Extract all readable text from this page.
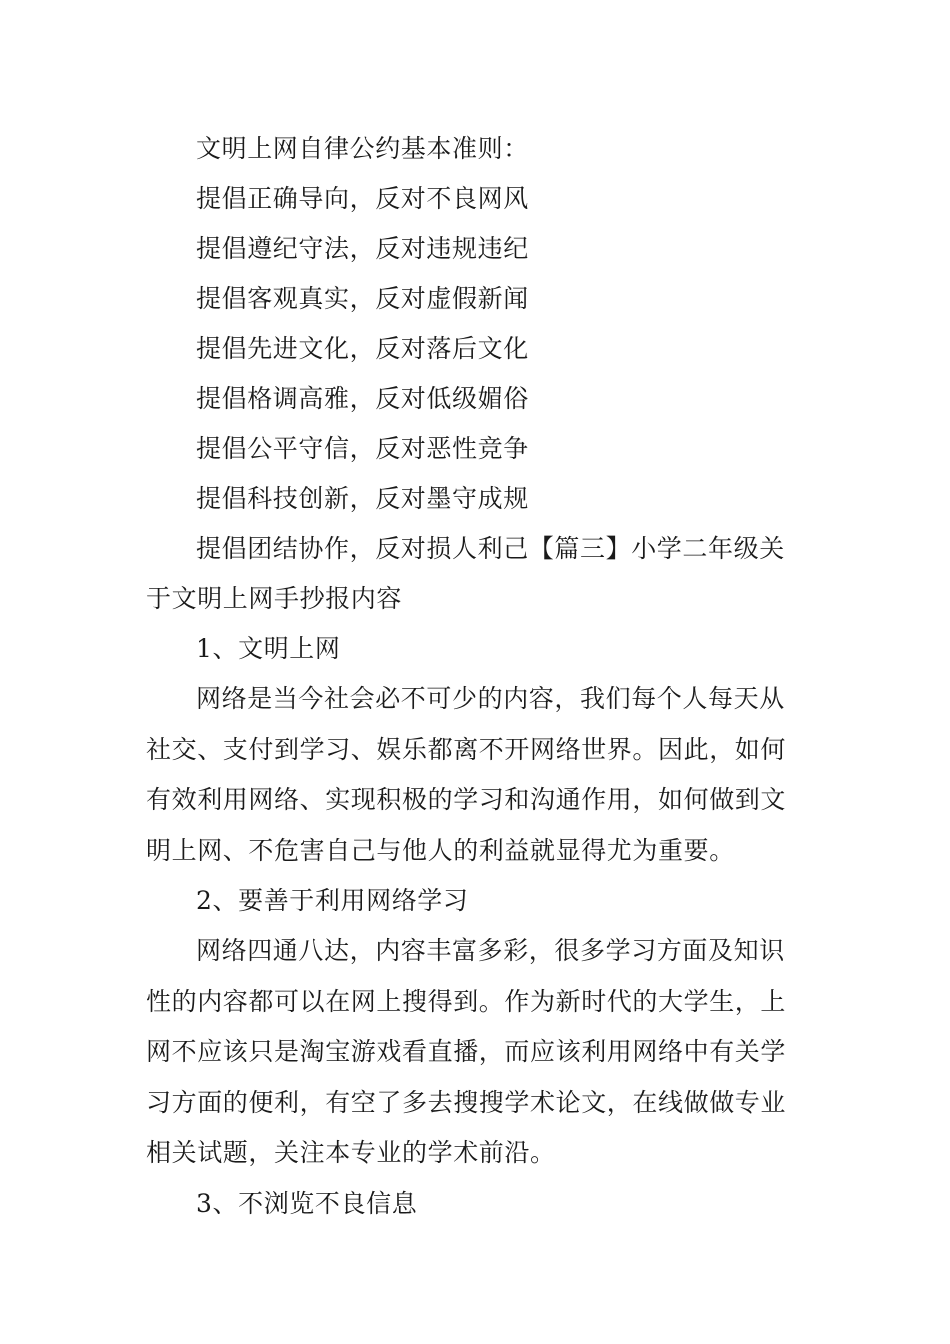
文明上网自律公约基本准则：

提倡正确导向，反对不良网风

提倡遵纪守法，反对违规违纪

提倡客观真实，反对虚假新闻

提倡先进文化，反对落后文化

提倡格调高雅，反对低级媚俗

提倡公平守信，反对恶性竞争

提倡科技创新，反对墨守成规

提倡团结协作，反对损人利己【篇三】小学二年级关于文明上网手抄报内容

1、文明上网

网络是当今社会必不可少的内容，我们每个人每天从社交、支付到学习、娱乐都离不开网络世界。因此，如何有效利用网络、实现积极的学习和沟通作用，如何做到文明上网、不危害自己与他人的利益就显得尤为重要。

2、要善于利用网络学习

网络四通八达，内容丰富多彩，很多学习方面及知识性的内容都可以在网上搜得到。作为新时代的大学生，上网不应该只是淘宝游戏看直播，而应该利用网络中有关学习方面的便利，有空了多去搜搜学术论文，在线做做专业相关试题，关注本专业的学术前沿。

3、不浏览不良信息
